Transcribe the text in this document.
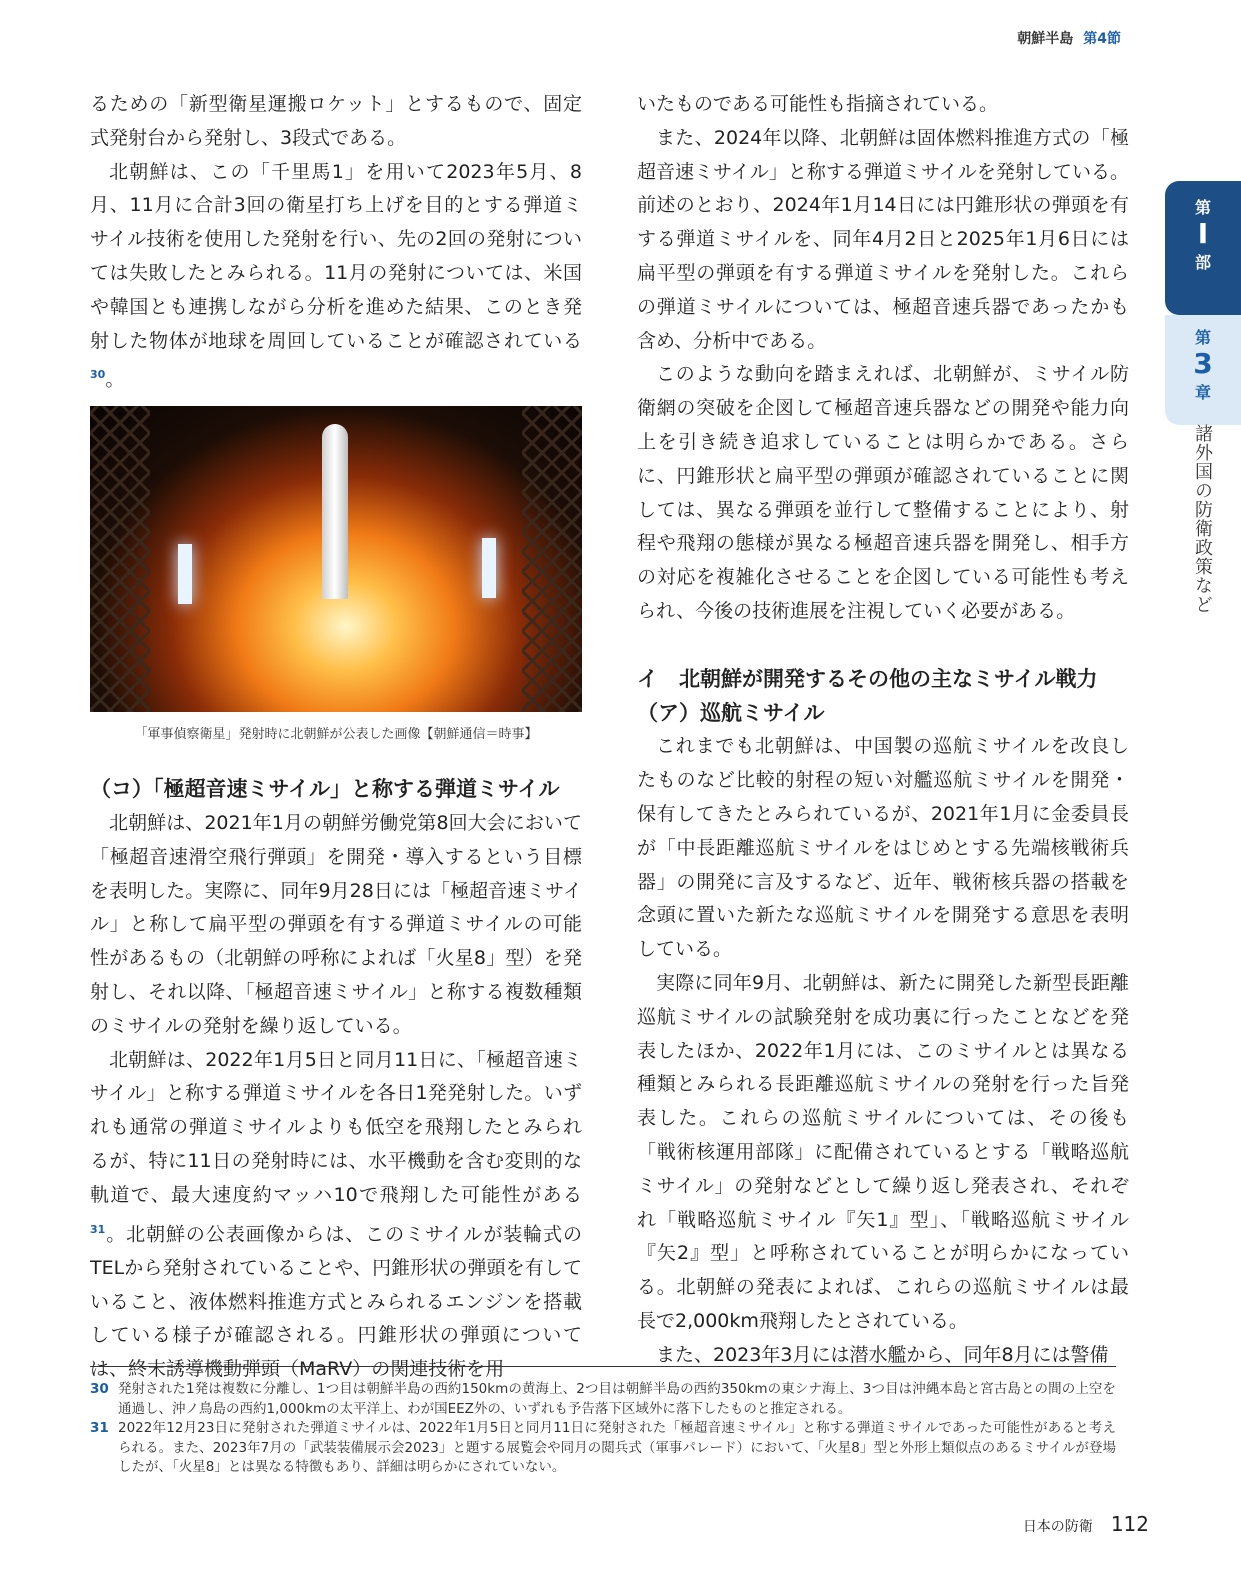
朝鮮半島 第4節

るための「新型衛星運搬ロケット」とするもので、固定式発射台から発射し、3段式である。

北朝鮮は、この「千里馬1」を用いて2023年5月、8月、11月に合計3回の衛星打ち上げを目的とする弾道ミサイル技術を使用した発射を行い、先の2回の発射については失敗したとみられる。11月の発射については、米国や韓国とも連携しながら分析を進めた結果、このとき発射した物体が地球を周回していることが確認されている$^{30}$。

「軍事偵察衛星」発射時に北朝鮮が公表した画像【朝鮮通信＝時事】
（コ）「極超音速ミサイル」と称する弾道ミサイル

北朝鮮は、2021年1月の朝鮮労働党第8回大会において「極超音速滑空飛行弾頭」を開発・導入するという目標を表明した。実際に、同年9月28日には「極超音速ミサイル」と称して扁平型の弾頭を有する弾道ミサイルの可能性があるもの（北朝鮮の呼称によれば「火星8」型）を発射し、それ以降、「極超音速ミサイル」と称する複数種類のミサイルの発射を繰り返している。

北朝鮮は、2022年1月5日と同月11日に、「極超音速ミサイル」と称する弾道ミサイルを各日1発発射した。いずれも通常の弾道ミサイルよりも低空を飛翔したとみられるが、特に11日の発射時には、水平機動を含む変則的な軌道で、最大速度約マッハ10で飛翔した可能性がある$^{31}$。北朝鮮の公表画像からは、このミサイルが装輪式のTELから発射されていることや、円錐形状の弾頭を有していること、液体燃料推進方式とみられるエンジンを搭載している様子が確認される。円錐形状の弾頭については、終末誘導機動弾頭（MaRV）の関連技術を用

いたものである可能性も指摘されている。

また、2024年以降、北朝鮮は固体燃料推進方式の「極超音速ミサイル」と称する弾道ミサイルを発射している。前述のとおり、2024年1月14日には円錐形状の弾頭を有する弾道ミサイルを、同年4月2日と2025年1月6日には扁平型の弾頭を有する弾道ミサイルを発射した。これらの弾道ミサイルについては、極超音速兵器であったかも含め、分析中である。

このような動向を踏まえれば、北朝鮮が、ミサイル防衛網の突破を企図して極超音速兵器などの開発や能力向上を引き続き追求していることは明らかである。さらに、円錐形状と扁平型の弾頭が確認されていることに関しては、異なる弾頭を並行して整備することにより、射程や飛翔の態様が異なる極超音速兵器を開発し、相手方の対応を複雑化させることを企図している可能性も考えられ、今後の技術進展を注視していく必要がある。

イ　北朝鮮が開発するその他の主なミサイル戦力
（ア）巡航ミサイル

これまでも北朝鮮は、中国製の巡航ミサイルを改良したものなど比較的射程の短い対艦巡航ミサイルを開発・保有してきたとみられているが、2021年1月に金委員長が「中長距離巡航ミサイルをはじめとする先端核戦術兵器」の開発に言及するなど、近年、戦術核兵器の搭載を念頭に置いた新たな巡航ミサイルを開発する意思を表明している。

実際に同年9月、北朝鮮は、新たに開発した新型長距離巡航ミサイルの試験発射を成功裏に行ったことなどを発表したほか、2022年1月には、このミサイルとは異なる種類とみられる長距離巡航ミサイルの発射を行った旨発表した。これらの巡航ミサイルについては、その後も「戦術核運用部隊」に配備されているとする「戦略巡航ミサイル」の発射などとして繰り返し発表され、それぞれ「戦略巡航ミサイル『矢1』型」、「戦略巡航ミサイル『矢2』型」と呼称されていることが明らかになっている。北朝鮮の発表によれば、これらの巡航ミサイルは最長で2,000km飛翔したとされている。

また、2023年3月には潜水艦から、同年8月には警備

第
I
部
第
3
章
諸外国の防衛政策など
30 発射された1発は複数に分離し、1つ目は朝鮮半島の西約150kmの黄海上、2つ目は朝鮮半島の西約350kmの東シナ海上、3つ目は沖縄本島と宮古島との間の上空を通過し、沖ノ鳥島の西約1,000kmの太平洋上、わが国EEZ外の、いずれも予告落下区域外に落下したものと推定される。
31 2022年12月23日に発射された弾道ミサイルは、2022年1月5日と同月11日に発射された「極超音速ミサイル」と称する弾道ミサイルであった可能性があると考えられる。また、2023年7月の「武装装備展示会2023」と題する展覧会や同月の閲兵式（軍事パレード）において、「火星8」型と外形上類似点のあるミサイルが登場したが、「火星8」とは異なる特徴もあり、詳細は明らかにされていない。
日本の防衛 112
